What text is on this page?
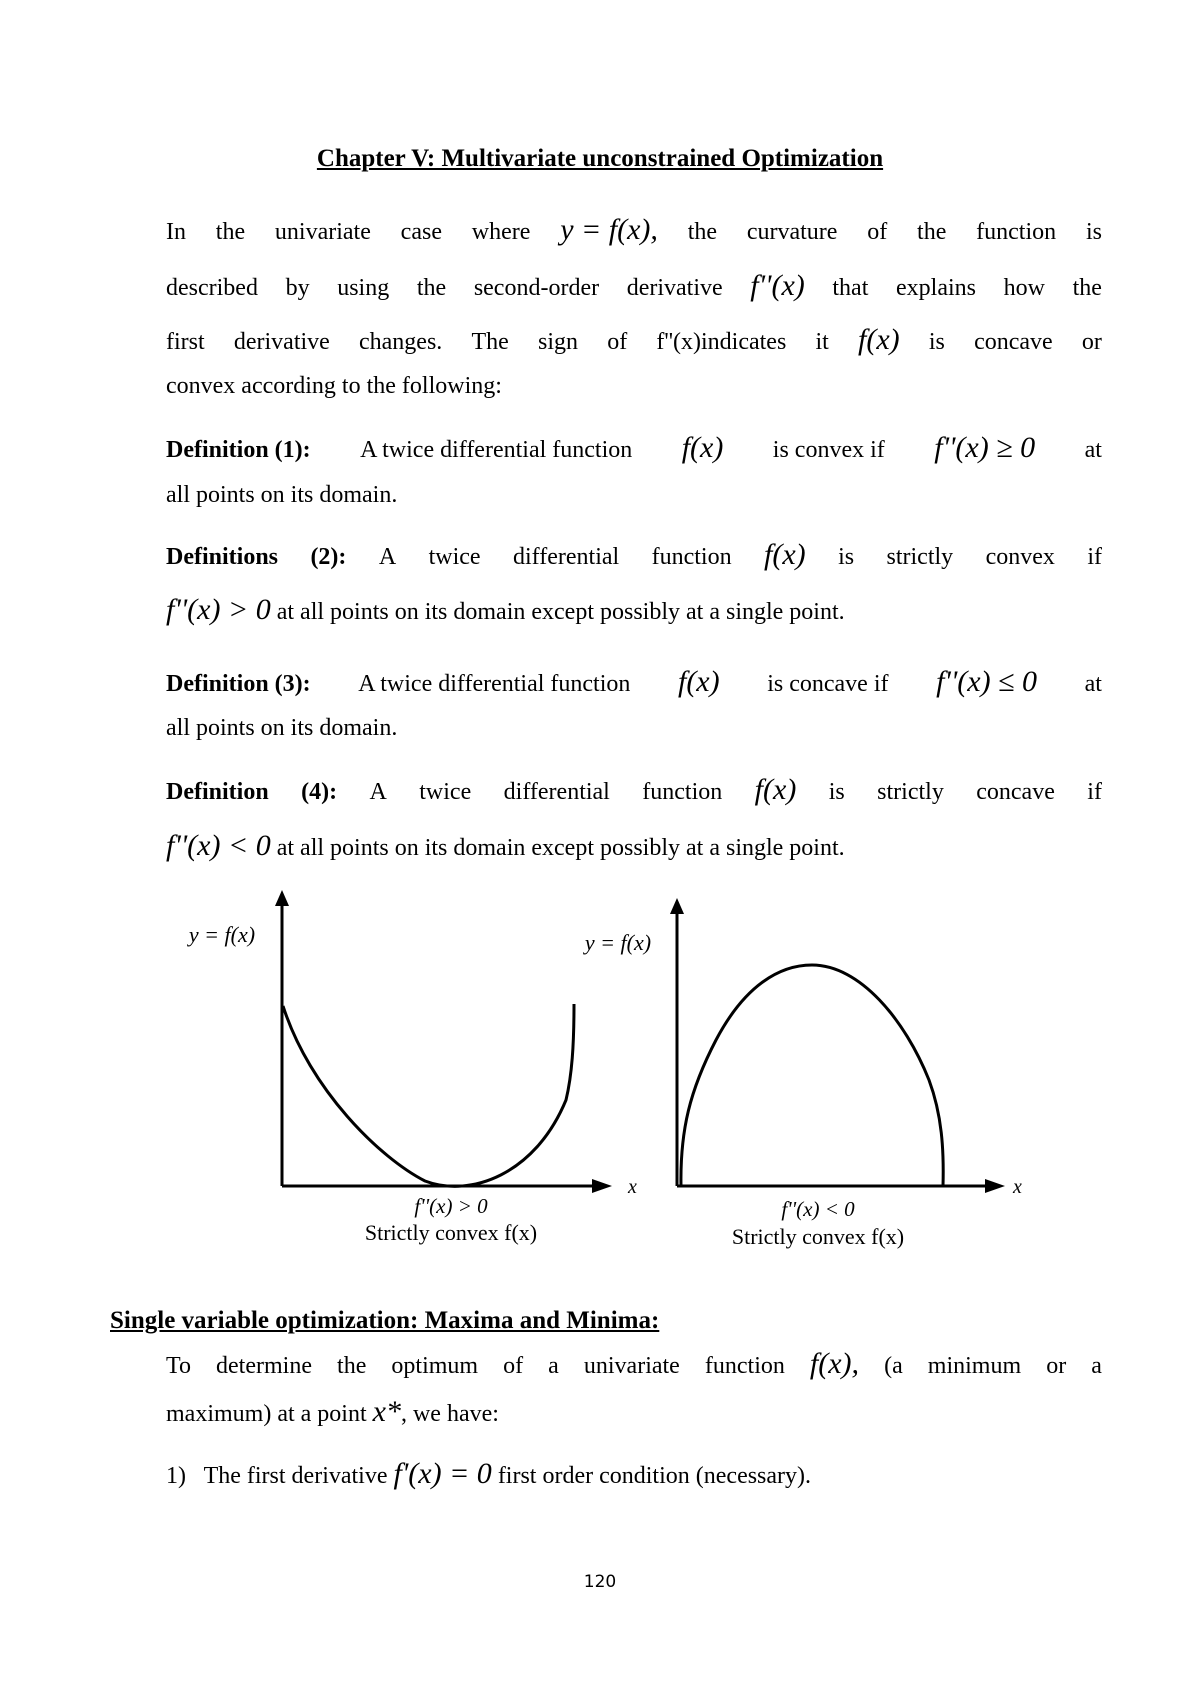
Chapter V: Multivariate unconstrained Optimization
In the univariate case where y = f(x), the curvature of the function is
described by using the second-order derivative f''(x) that explains how the
first derivative changes. The sign of f''(x)indicates it f(x) is concave or
convex according to the following:
Definition (1): A twice differential function f(x) is convex if f''(x) ≥ 0 at
all points on its domain.
Definitions (2): A twice differential function f(x) is strictly convex if
f''(x) > 0 at all points on its domain except possibly at a single point.
Definition (3): A twice differential function f(x) is concave if f''(x) ≤ 0 at
all points on its domain.
Definition (4): A twice differential function f(x) is strictly concave if
f''(x) < 0 at all points on its domain except possibly at a single point.
y = f(x)
x
f''(x) > 0
Strictly convex f(x)
y = f(x)
x
f''(x) < 0
Strictly convex f(x)
Single variable optimization: Maxima and Minima:
To determine the optimum of a univariate function f(x), (a minimum or a
maximum) at a point x*, we have:
1) The first derivative f'(x) = 0 first order condition (necessary).
120
